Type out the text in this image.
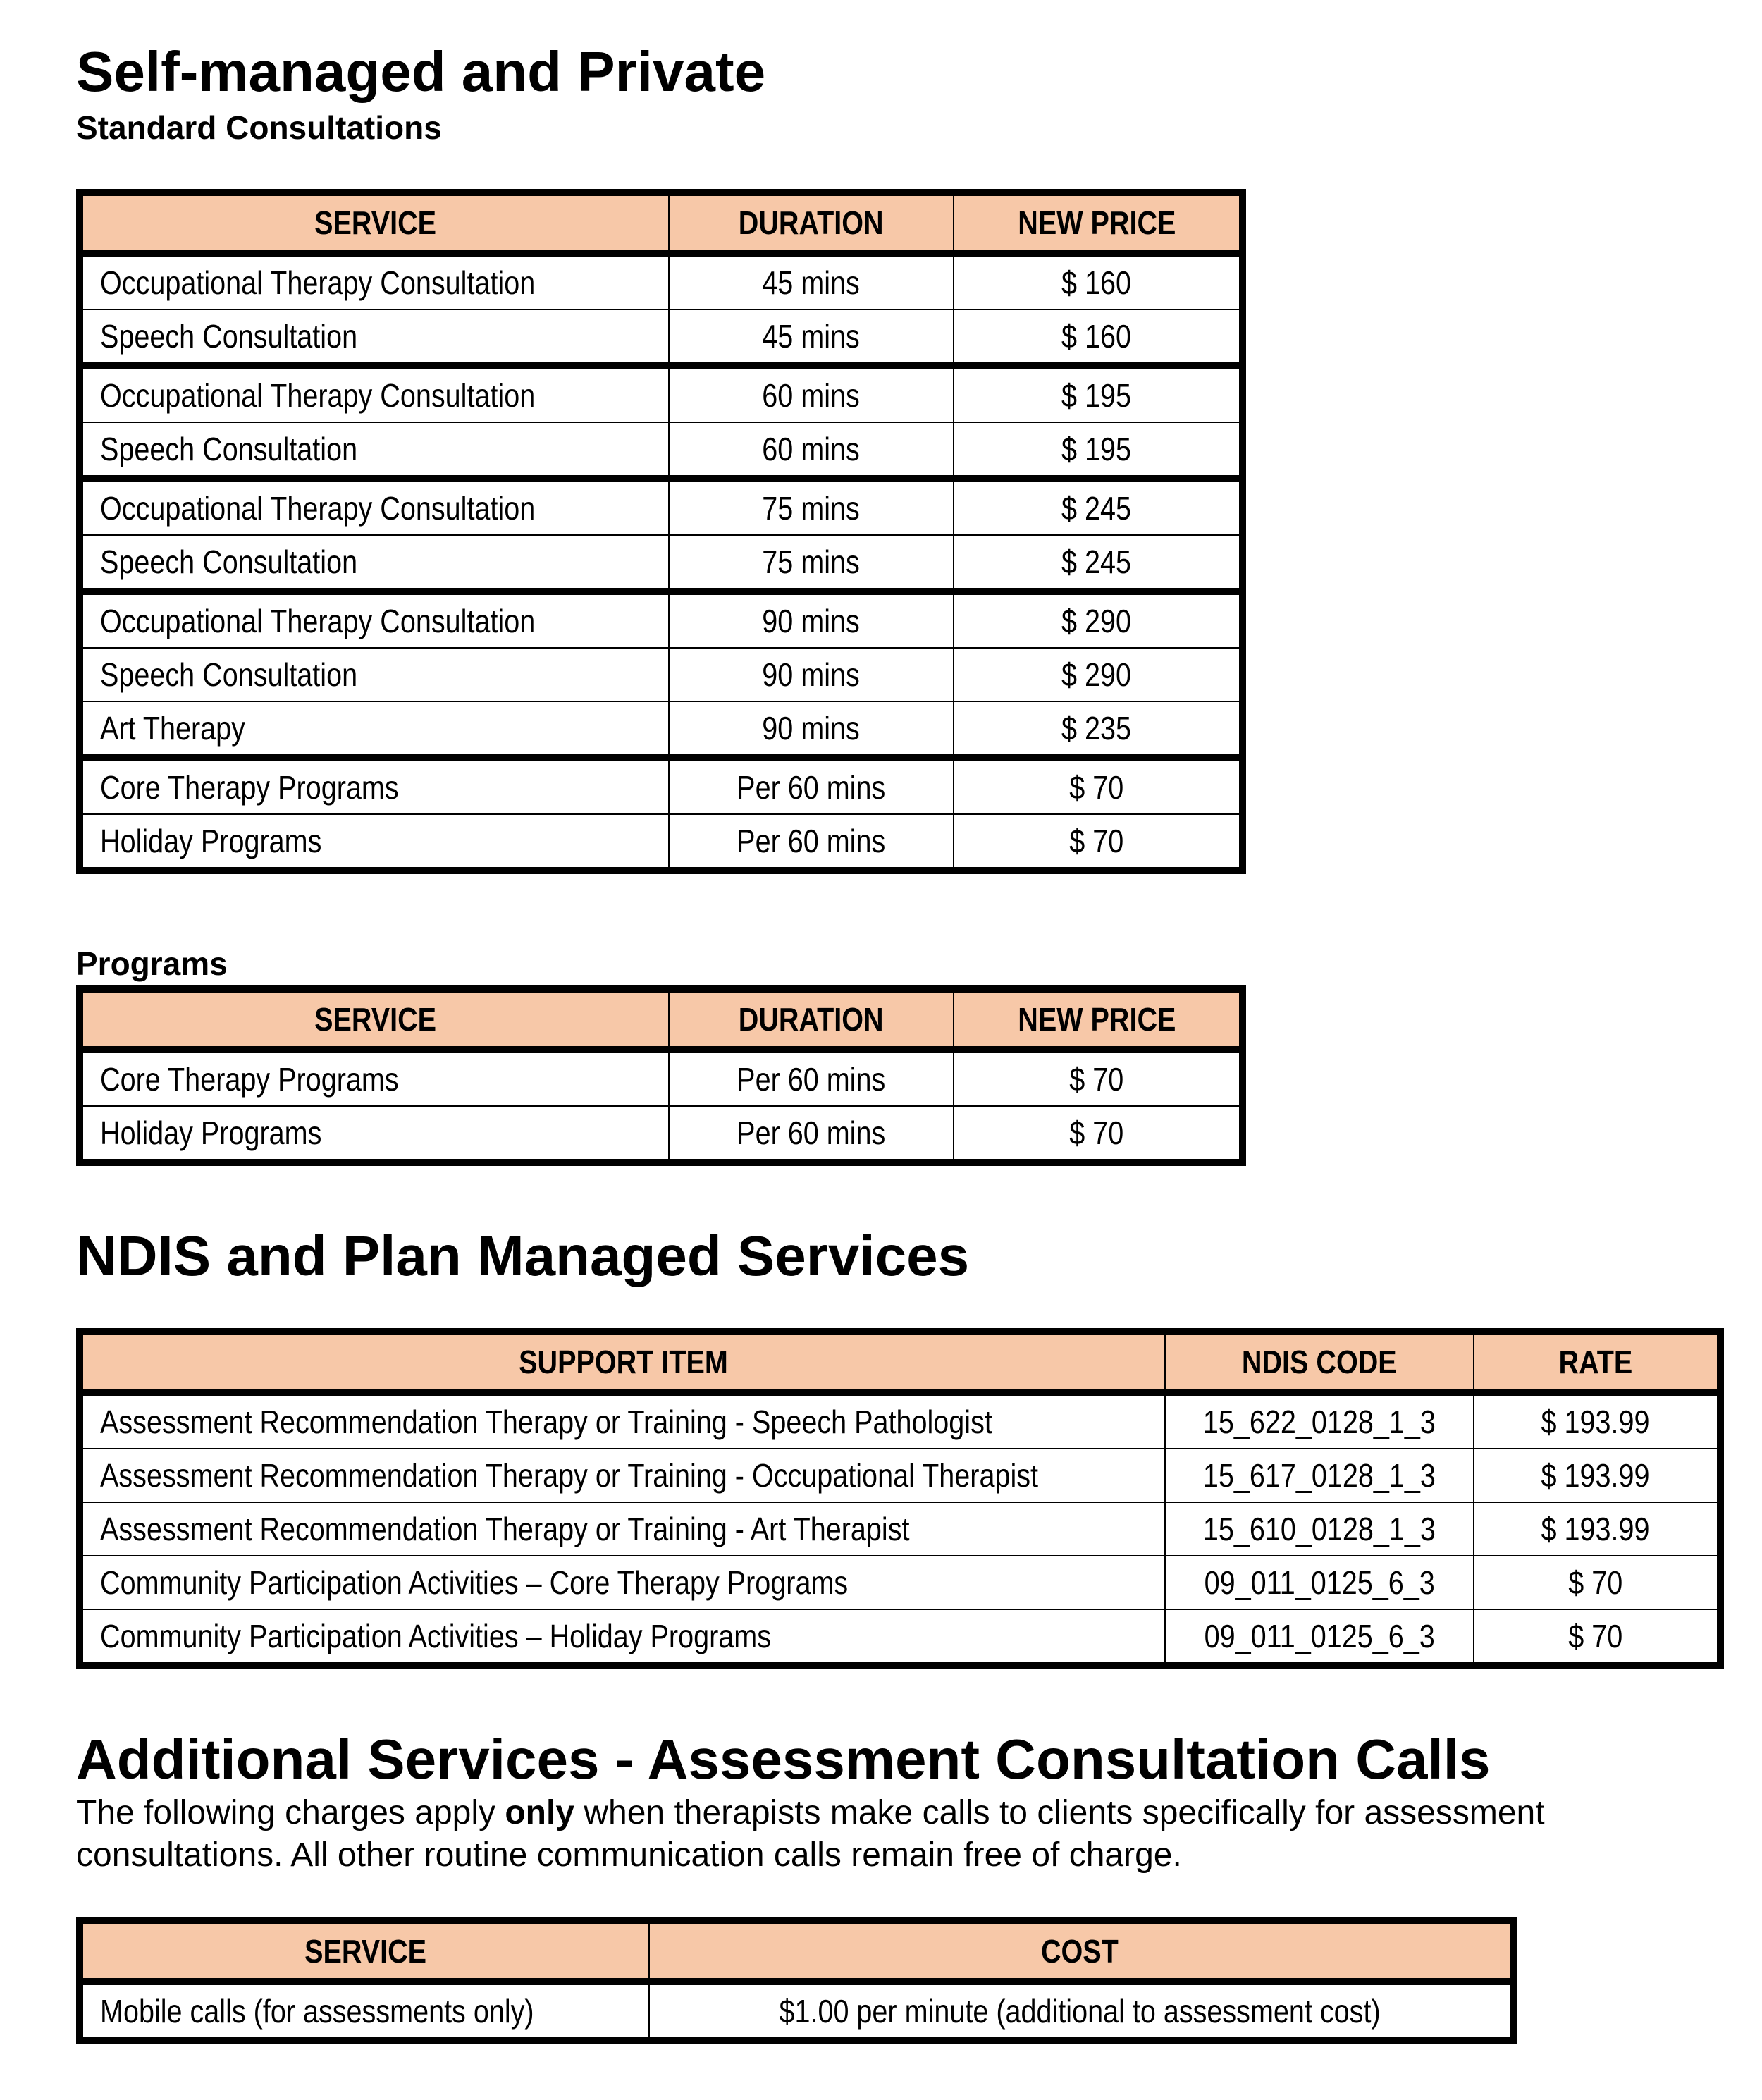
Self-managed and Private
Standard Consultations
SERVICE	DURATION	NEW PRICE
Occupational Therapy Consultation	45 mins	$ 160
Speech Consultation	45 mins	$ 160
Occupational Therapy Consultation	60 mins	$ 195
Speech Consultation	60 mins	$ 195
Occupational Therapy Consultation	75 mins	$ 245
Speech Consultation	75 mins	$ 245
Occupational Therapy Consultation	90 mins	$ 290
Speech Consultation	90 mins	$ 290
Art Therapy	90 mins	$ 235
Core Therapy Programs	Per 60 mins	$ 70
Holiday Programs	Per 60 mins	$ 70
Programs
SERVICE	DURATION	NEW PRICE
Core Therapy Programs	Per 60 mins	$ 70
Holiday Programs	Per 60 mins	$ 70
NDIS and Plan Managed Services
SUPPORT ITEM	NDIS CODE	RATE
Assessment Recommendation Therapy or Training - Speech Pathologist	15_622_0128_1_3	$ 193.99
Assessment Recommendation Therapy or Training - Occupational Therapist	15_617_0128_1_3	$ 193.99
Assessment Recommendation Therapy or Training - Art Therapist	15_610_0128_1_3	$ 193.99
Community Participation Activities – Core Therapy Programs	09_011_0125_6_3	$ 70
Community Participation Activities – Holiday Programs	09_011_0125_6_3	$ 70
Additional Services - Assessment Consultation Calls

The following charges apply only when therapists make calls to clients specifically for assessment consultations. All other routine communication calls remain free of charge.

SERVICE	COST
Mobile calls (for assessments only)	$1.00 per minute (additional to assessment cost)
